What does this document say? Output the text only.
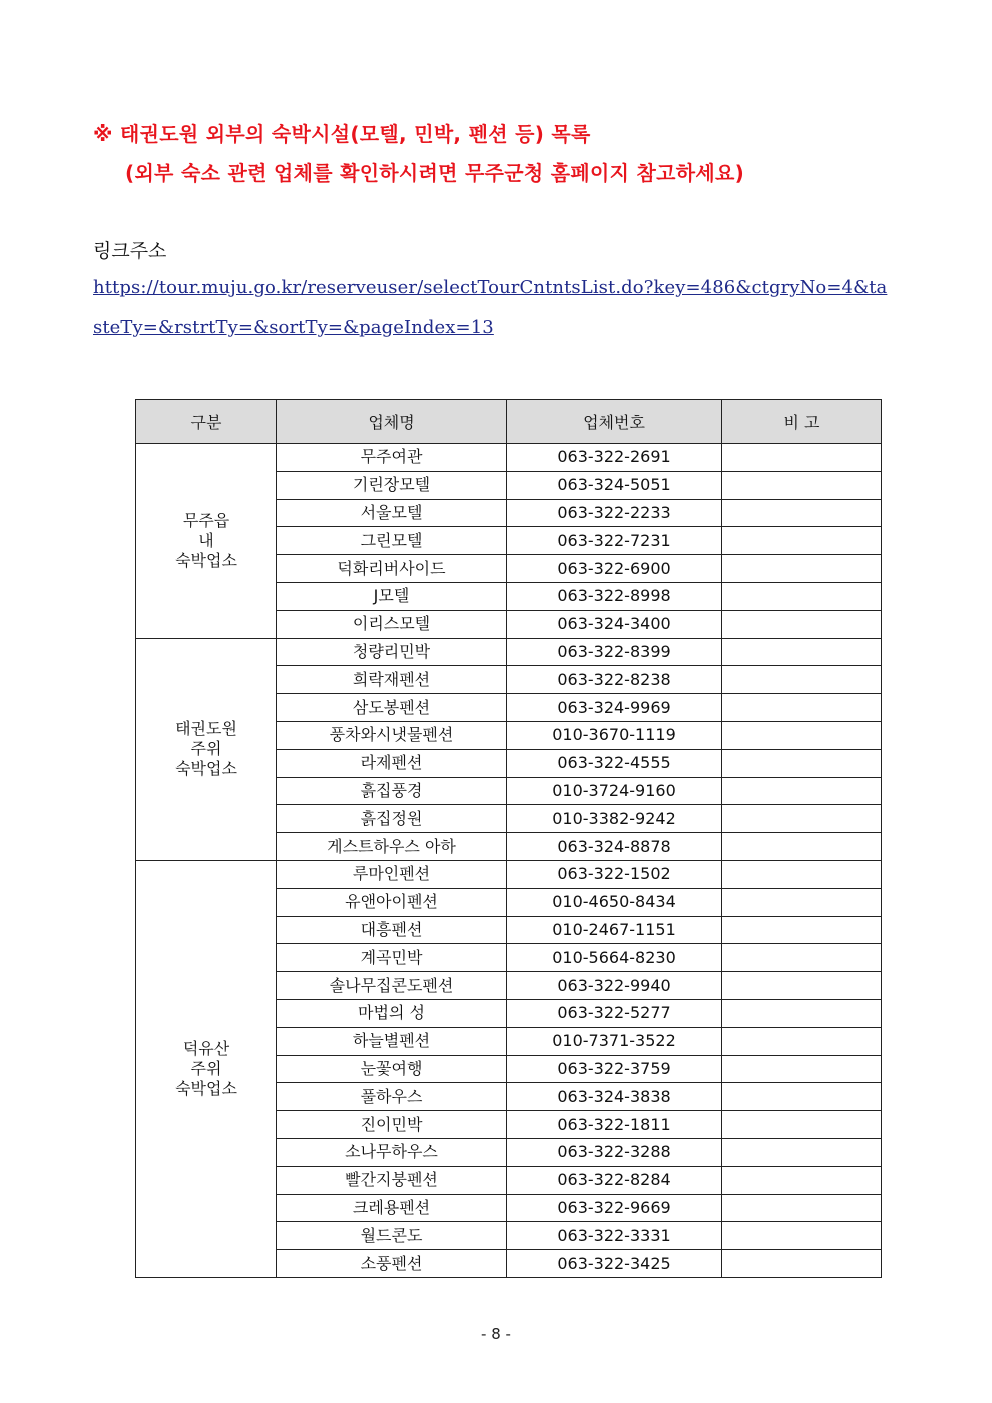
※ 태권도원 외부의 숙박시설(모텔, 민박, 펜션 등) 목록
(외부 숙소 관련 업체를 확인하시려면 무주군청 홈페이지 참고하세요)
링크주소
https://tour.muju.go.kr/reserveuser/selectTourCntntsList.do?key=486&ctgryNo=4&ta
steTy=&rstrtTy=&sortTy=&pageIndex=13
구분	업체명	업체번호	비 고

무주읍
내
숙박업소	무주여관	063-322-2691	
	기린장모텔	063-324-5051	
	서울모텔	063-322-2233	
	그린모텔	063-322-7231	
	덕화리버사이드	063-322-6900	
	J모텔	063-322-8998	
	이리스모텔	063-324-3400	

태권도원
주위
숙박업소	청량리민박	063-322-8399	
	희락재펜션	063-322-8238	
	삼도봉펜션	063-324-9969	
	풍차와시냇물펜션	010-3670-1119	
	라제펜션	063-322-4555	
	흙집풍경	010-3724-9160	
	흙집정원	010-3382-9242	
	게스트하우스 아하	063-324-8878	

덕유산
주위
숙박업소	루마인펜션	063-322-1502	
	유앤아이펜션	010-4650-8434	
	대흥펜션	010-2467-1151	
	계곡민박	010-5664-8230	
	솔나무집콘도펜션	063-322-9940	
	마법의 성	063-322-5277	
	하늘별펜션	010-7371-3522	
	눈꽃여행	063-322-3759	
	풀하우스	063-324-3838	
	진이민박	063-322-1811	
	소나무하우스	063-322-3288	
	빨간지붕펜션	063-322-8284	
	크레용펜션	063-322-9669	
	월드콘도	063-322-3331	
	소풍펜션	063-322-3425	
- 8 -
